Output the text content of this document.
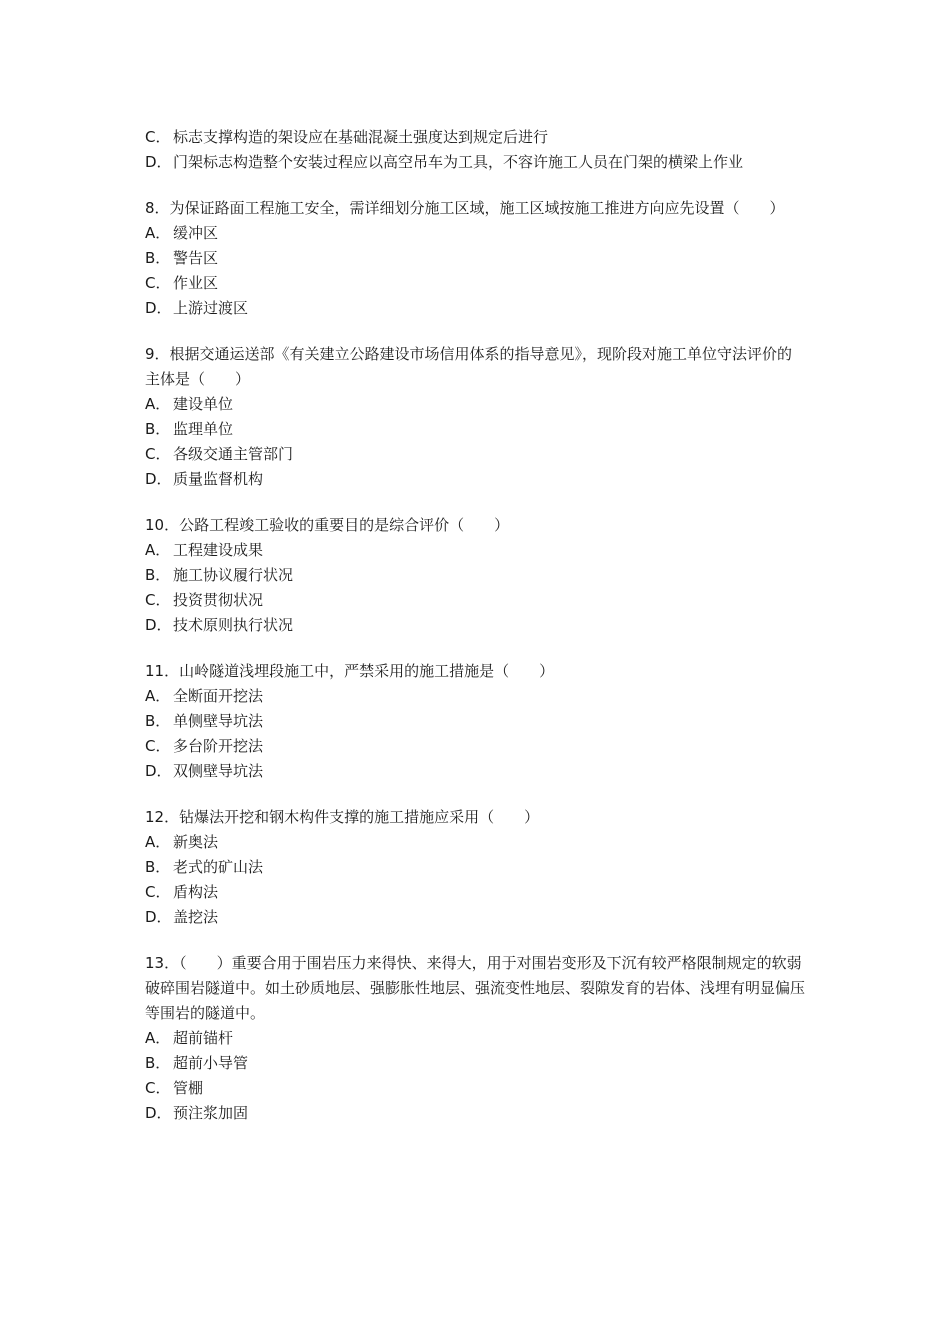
C． 标志支撑构造的架设应在基础混凝土强度达到规定后进行
D．门架标志构造整个安装过程应以高空吊车为工具，不容许施工人员在门架的横梁上作业
8．为保证路面工程施工安全，需详细划分施工区域，施工区域按施工推进方向应先设置（　　）
A． 缓冲区
B． 警告区
C． 作业区
D．上游过渡区
9．根据交通运送部《有关建立公路建设市场信用体系的指导意见》，现阶段对施工单位守法评价的主体是（　　）
A． 建设单位
B． 监理单位
C． 各级交通主管部门
D．质量监督机构
10．公路工程竣工验收的重要目的是综合评价（　　）
A． 工程建设成果
B． 施工协议履行状况
C． 投资贯彻状况
D．技术原则执行状况
11．山岭隧道浅埋段施工中，严禁采用的施工措施是（　　）
A． 全断面开挖法
B． 单侧壁导坑法
C． 多台阶开挖法
D．双侧壁导坑法
12．钻爆法开挖和钢木构件支撑的施工措施应采用（　　）
A． 新奥法
B． 老式的矿山法
C． 盾构法
D．盖挖法
13．（　　）重要合用于围岩压力来得快、来得大，用于对围岩变形及下沉有较严格限制规定的软弱破碎围岩隧道中。如土砂质地层、强膨胀性地层、强流变性地层、裂隙发育的岩体、浅埋有明显偏压等围岩的隧道中。
A． 超前锚杆
B． 超前小导管
C． 管棚
D．预注浆加固
